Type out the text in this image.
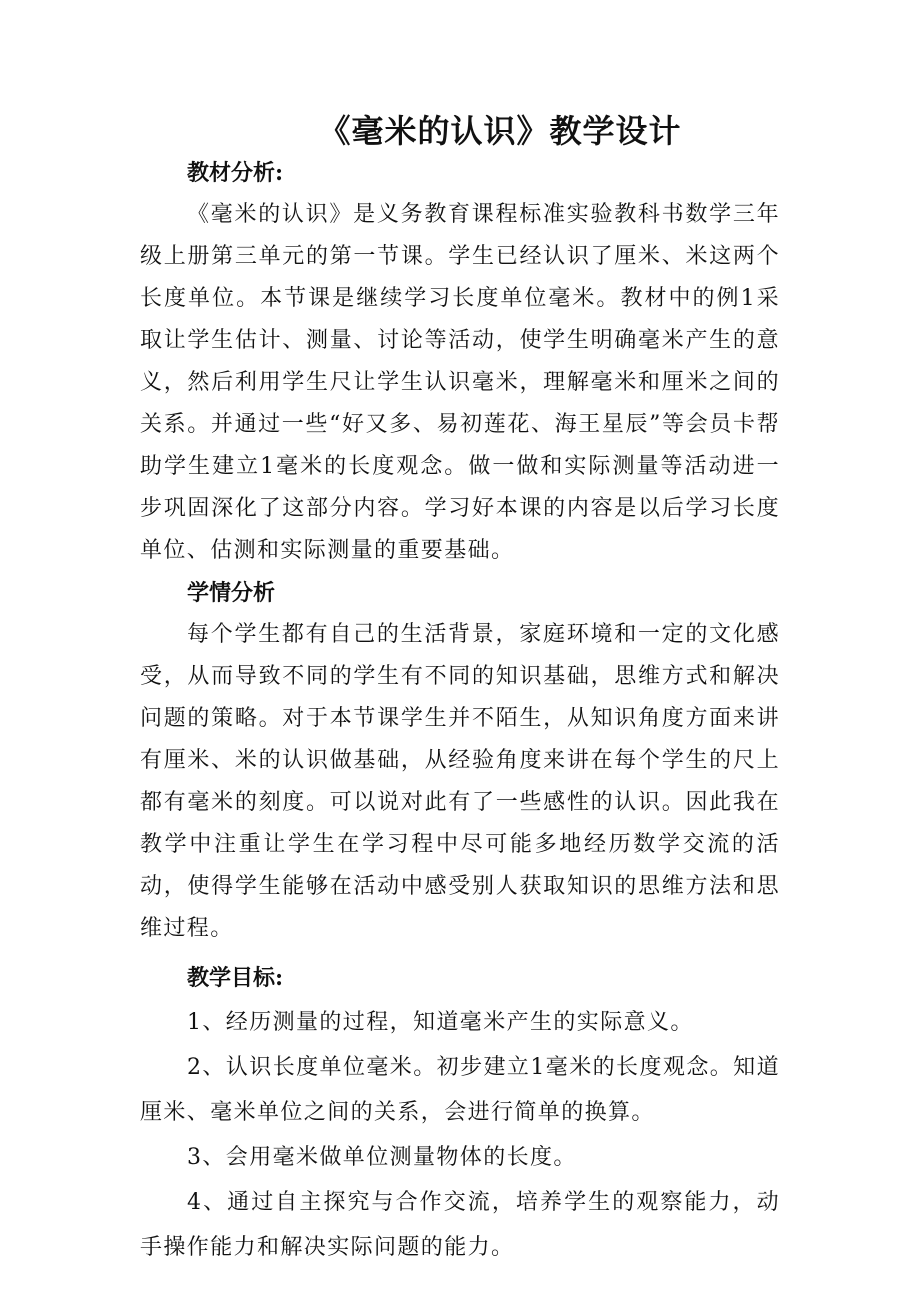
《毫米的认识》教学设计

教材分析:

《毫米的认识》是义务教育课程标准实验教科书数学三年级上册第三单元的第一节课。学生已经认识了厘米、米这两个长度单位。本节课是继续学习长度单位毫米。教材中的例1采取让学生估计、测量、讨论等活动，使学生明确毫米产生的意义，然后利用学生尺让学生认识毫米，理解毫米和厘米之间的关系。并通过一些“好又多、易初莲花、海王星辰”等会员卡帮助学生建立1毫米的长度观念。做一做和实际测量等活动进一步巩固深化了这部分内容。学习好本课的内容是以后学习长度单位、估测和实际测量的重要基础。

学情分析

每个学生都有自己的生活背景，家庭环境和一定的文化感受，从而导致不同的学生有不同的知识基础，思维方式和解决问题的策略。对于本节课学生并不陌生，从知识角度方面来讲有厘米、米的认识做基础，从经验角度来讲在每个学生的尺上都有毫米的刻度。可以说对此有了一些感性的认识。因此我在教学中注重让学生在学习程中尽可能多地经历数学交流的活动，使得学生能够在活动中感受别人获取知识的思维方法和思维过程。

教学目标:

1、经历测量的过程，知道毫米产生的实际意义。

2、认识长度单位毫米。初步建立1毫米的长度观念。知道厘米、毫米单位之间的关系，会进行简单的换算。

3、会用毫米做单位测量物体的长度。

4、通过自主探究与合作交流，培养学生的观察能力，动手操作能力和解决实际问题的能力。
